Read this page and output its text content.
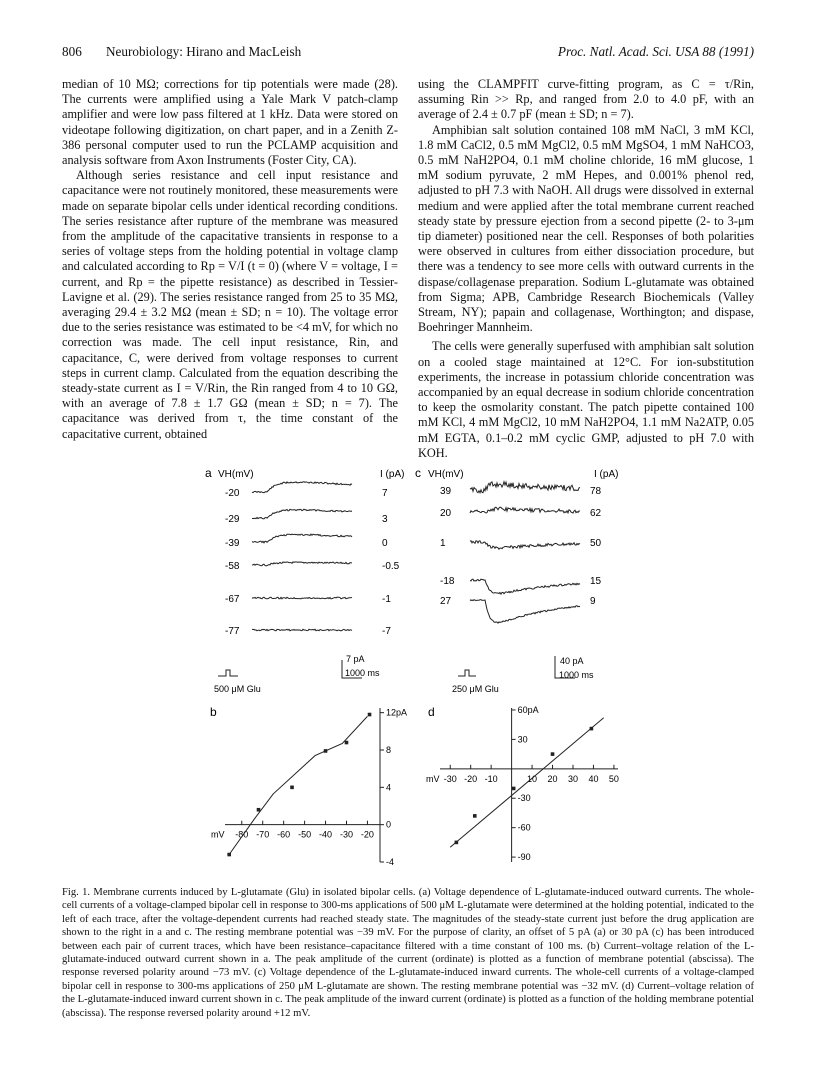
806 Neurobiology: Hirano and MacLeish	Proc. Natl. Acad. Sci. USA 88 (1991)

median of 10 MΩ; corrections for tip potentials were made (28). The currents were amplified using a Yale Mark V patch-clamp amplifier and were low pass filtered at 1 kHz. Data were stored on videotape following digitization, on chart paper, and in a Zenith Z-386 personal computer used to run the PCLAMP acquisition and analysis software from Axon Instruments (Foster City, CA).

Although series resistance and cell input resistance and capacitance were not routinely monitored, these measurements were made on separate bipolar cells under identical recording conditions. The series resistance after rupture of the membrane was measured from the amplitude of the capacitative transients in response to a series of voltage steps from the holding potential in voltage clamp and calculated according to Rp = V/I (t = 0) (where V = voltage, I = current, and Rp = the pipette resistance) as described in Tessier-Lavigne et al. (29). The series resistance ranged from 25 to 35 MΩ, averaging 29.4 ± 3.2 MΩ (mean ± SD; n = 10). The voltage error due to the series resistance was estimated to be <4 mV, for which no correction was made. The cell input resistance, Rin, and capacitance, C, were derived from voltage responses to current steps in current clamp. Calculated from the equation describing the steady-state current as I = V/Rin, the Rin ranged from 4 to 10 GΩ, with an average of 7.8 ± 1.7 GΩ (mean ± SD; n = 7). The capacitance was derived from τ, the time constant of the capacitative current, obtained

using the CLAMPFIT curve-fitting program, as C = τ/Rin, assuming Rin >> Rp, and ranged from 2.0 to 4.0 pF, with an average of 2.4 ± 0.7 pF (mean ± SD; n = 7).

Amphibian salt solution contained 108 mM NaCl, 3 mM KCl, 1.8 mM CaCl2, 0.5 mM MgCl2, 0.5 mM MgSO4, 1 mM NaHCO3, 0.5 mM NaH2PO4, 0.1 mM choline chloride, 16 mM glucose, 1 mM sodium pyruvate, 2 mM Hepes, and 0.001% phenol red, adjusted to pH 7.3 with NaOH. All drugs were dissolved in external medium and were applied after the total membrane current reached steady state by pressure ejection from a second pipette (2- to 3-μm tip diameter) positioned near the cell. Responses of both polarities were observed in cultures from either dissociation procedure, but there was a tendency to see more cells with outward currents in the dispase/collagenase preparation. Sodium L-glutamate was obtained from Sigma; APB, Cambridge Research Biochemicals (Valley Stream, NY); papain and collagenase, Worthington; and dispase, Boehringer Mannheim.

The cells were generally superfused with amphibian salt solution on a cooled stage maintained at 12°C. For ion-substitution experiments, the increase in potassium chloride concentration was accompanied by an equal decrease in sodium chloride concentration to keep the osmolarity constant. The patch pipette contained 100 mM KCl, 4 mM MgCl2, 10 mM NaH2PO4, 1.1 mM Na2ATP, 0.05 mM EGTA, 0.1–0.2 mM cyclic GMP, adjusted to pH 7.0 with KOH.

a VH(mV)	I (pA)
-20	7
-29	3
-39	0
-58	-0.5
-67	-1
-77	-7
7 pA
1000 ms
500 μM Glu
c VH(mV)	I (pA)
39	78
20	62
1	50
-18	15
27	9
40 pA
1000 ms
250 μM Glu
b
-80 -70 -60 -50 -40 -30 -20
mV
12pA
8
4
0
-4
d
-30 -20 -10	10 20 30 40 50
mV
60pA
30
-30
-60
-90
Fig. 1. Membrane currents induced by L-glutamate (Glu) in isolated bipolar cells. (a) Voltage dependence of L-glutamate-induced outward currents. The whole-cell currents of a voltage-clamped bipolar cell in response to 300-ms applications of 500 μM L-glutamate were determined at the holding potential, indicated to the left of each trace, after the voltage-dependent currents had reached steady state. The magnitudes of the steady-state current just before the drug application are shown to the right in a and c. The resting membrane potential was −39 mV. For the purpose of clarity, an offset of 5 pA (a) or 30 pA (c) has been introduced between each pair of current traces, which have been resistance–capacitance filtered with a time constant of 100 ms. (b) Current–voltage relation of the L-glutamate-induced outward current shown in a. The peak amplitude of the current (ordinate) is plotted as a function of membrane potential (abscissa). The response reversed polarity around −73 mV. (c) Voltage dependence of the L-glutamate-induced inward currents. The whole-cell currents of a voltage-clamped bipolar cell in response to 300-ms applications of 250 μM L-glutamate are shown. The resting membrane potential was −32 mV. (d) Current–voltage relation of the L-glutamate-induced inward current shown in c. The peak amplitude of the inward current (ordinate) is plotted as a function of the holding membrane potential (abscissa). The response reversed polarity around +12 mV.
